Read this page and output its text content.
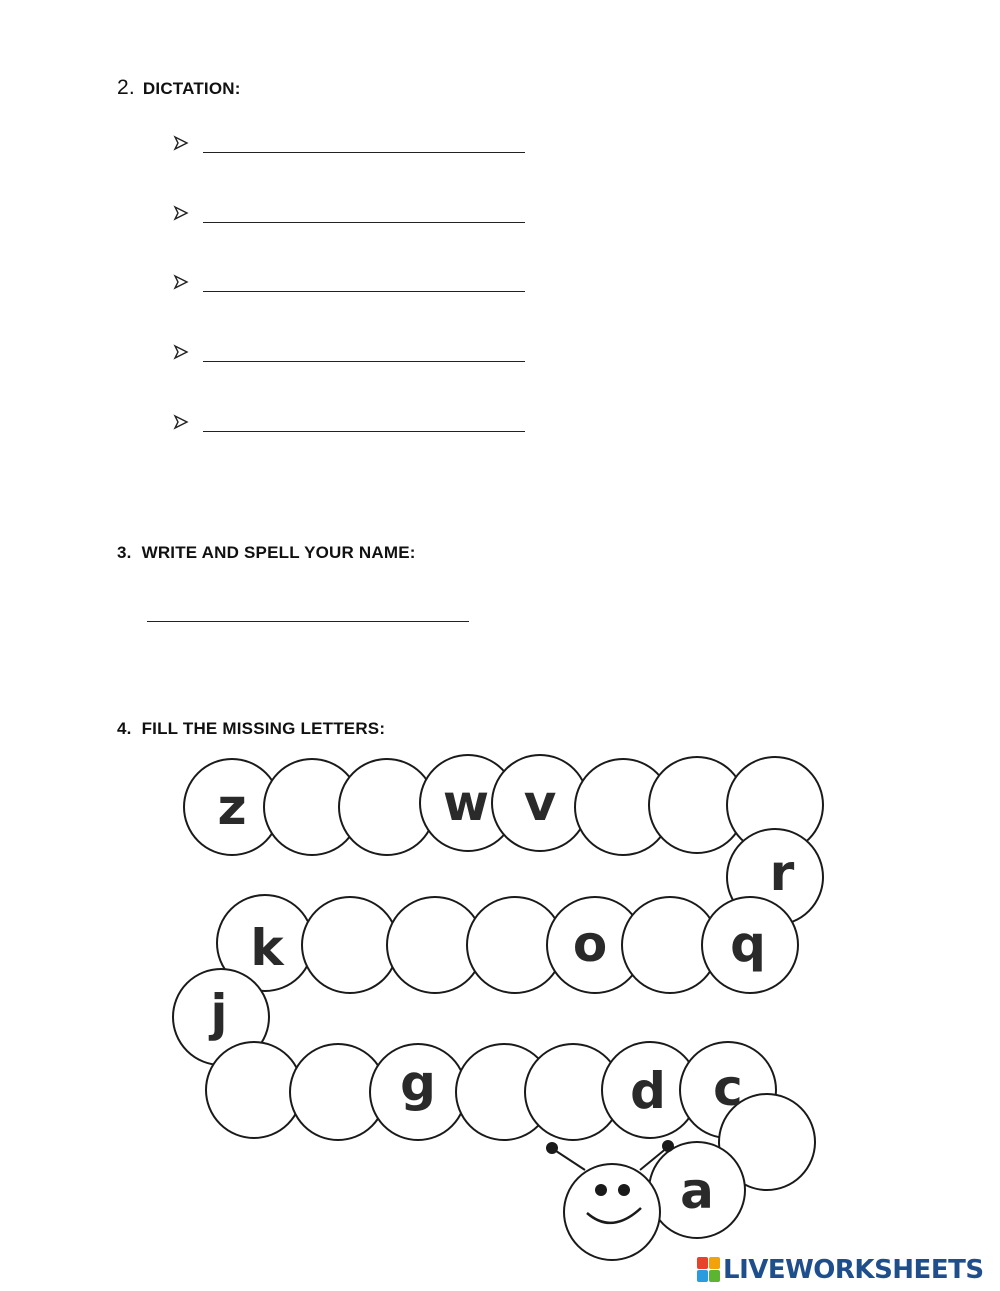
2. DICTATION:
3. WRITE AND SPELL YOUR NAME:
4. FILL THE MISSING LETTERS:
z	w v
r
k	o q
j
g	d c
a
LIVEWORKSHEETS
